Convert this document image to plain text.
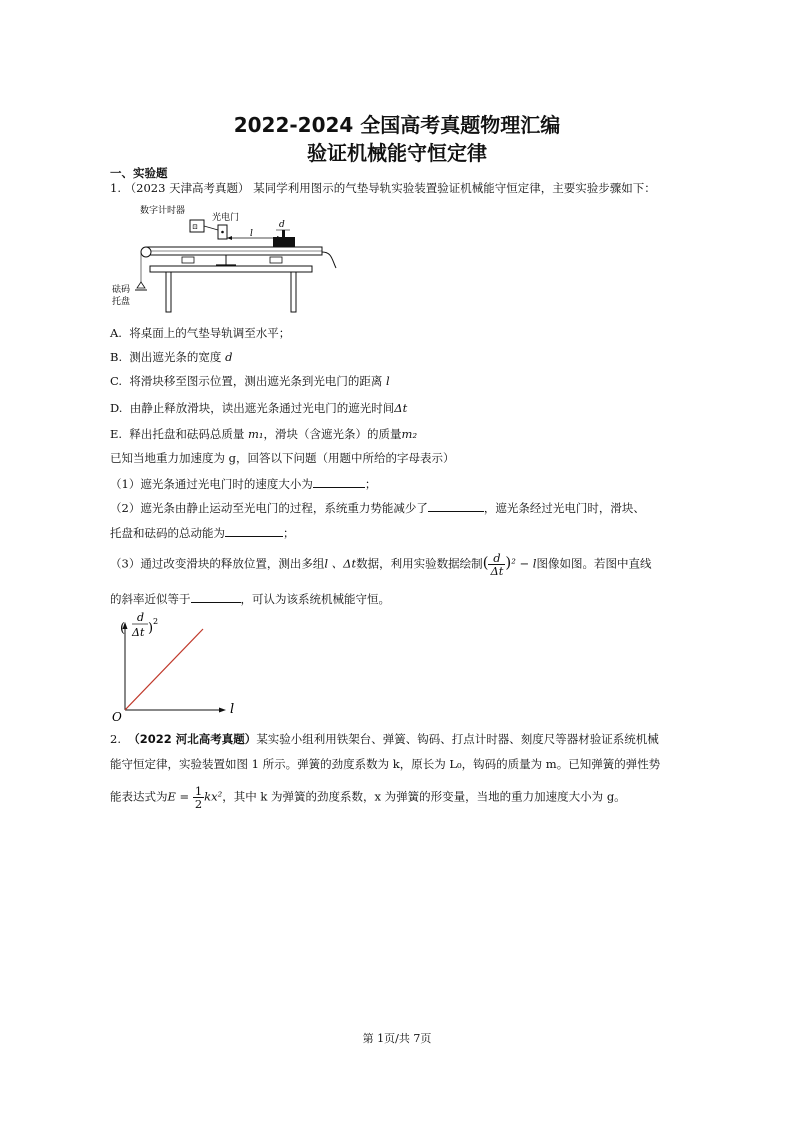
2022-2024 全国高考真题物理汇编
验证机械能守恒定律
一、实验题
1. （2023 天津高考真题） 某同学利用图示的气垫导轨实验装置验证机械能守恒定律，主要实验步骤如下：
数字计时器
⊡
光电门
l
d
砝码
托盘
A. 将桌面上的气垫导轨调至水平；
B. 测出遮光条的宽度 d
C. 将滑块移至图示位置，测出遮光条到光电门的距离 l
D. 由静止释放滑块，读出遮光条通过光电门的遮光时间Δt
E. 释出托盘和砝码总质量 m₁，滑块（含遮光条）的质量m₂
已知当地重力加速度为 g，回答以下问题（用题中所给的字母表示）
（1）遮光条通过光电门时的速度大小为	；
（2）遮光条由静止运动至光电门的过程，系统重力势能减少了	，遮光条经过光电门时，滑块、
托盘和砝码的总动能为	；
（3）通过改变滑块的释放位置，测出多组l 、Δt数据，利用实验数据绘制( $\frac{d}{\Delta t} )^2 - l$图像如图。若图中直线
的斜率近似等于	，可认为该系统机械能守恒。
(
d
Δt ) 2
l
O
2. （2022 河北高考真题）某实验小组利用铁架台、弹簧、钩码、打点计时器、刻度尺等器材验证系统机械
能守恒定律，实验装置如图 1 所示。弹簧的劲度系数为 k，原长为 L₀，钩码的质量为 m。已知弹簧的弹性势
能表达式为$E = \frac{1}{2} kx^2$，其中 k 为弹簧的劲度系数，x 为弹簧的形变量，当地的重力加速度大小为 g。
第 1页/共 7页
